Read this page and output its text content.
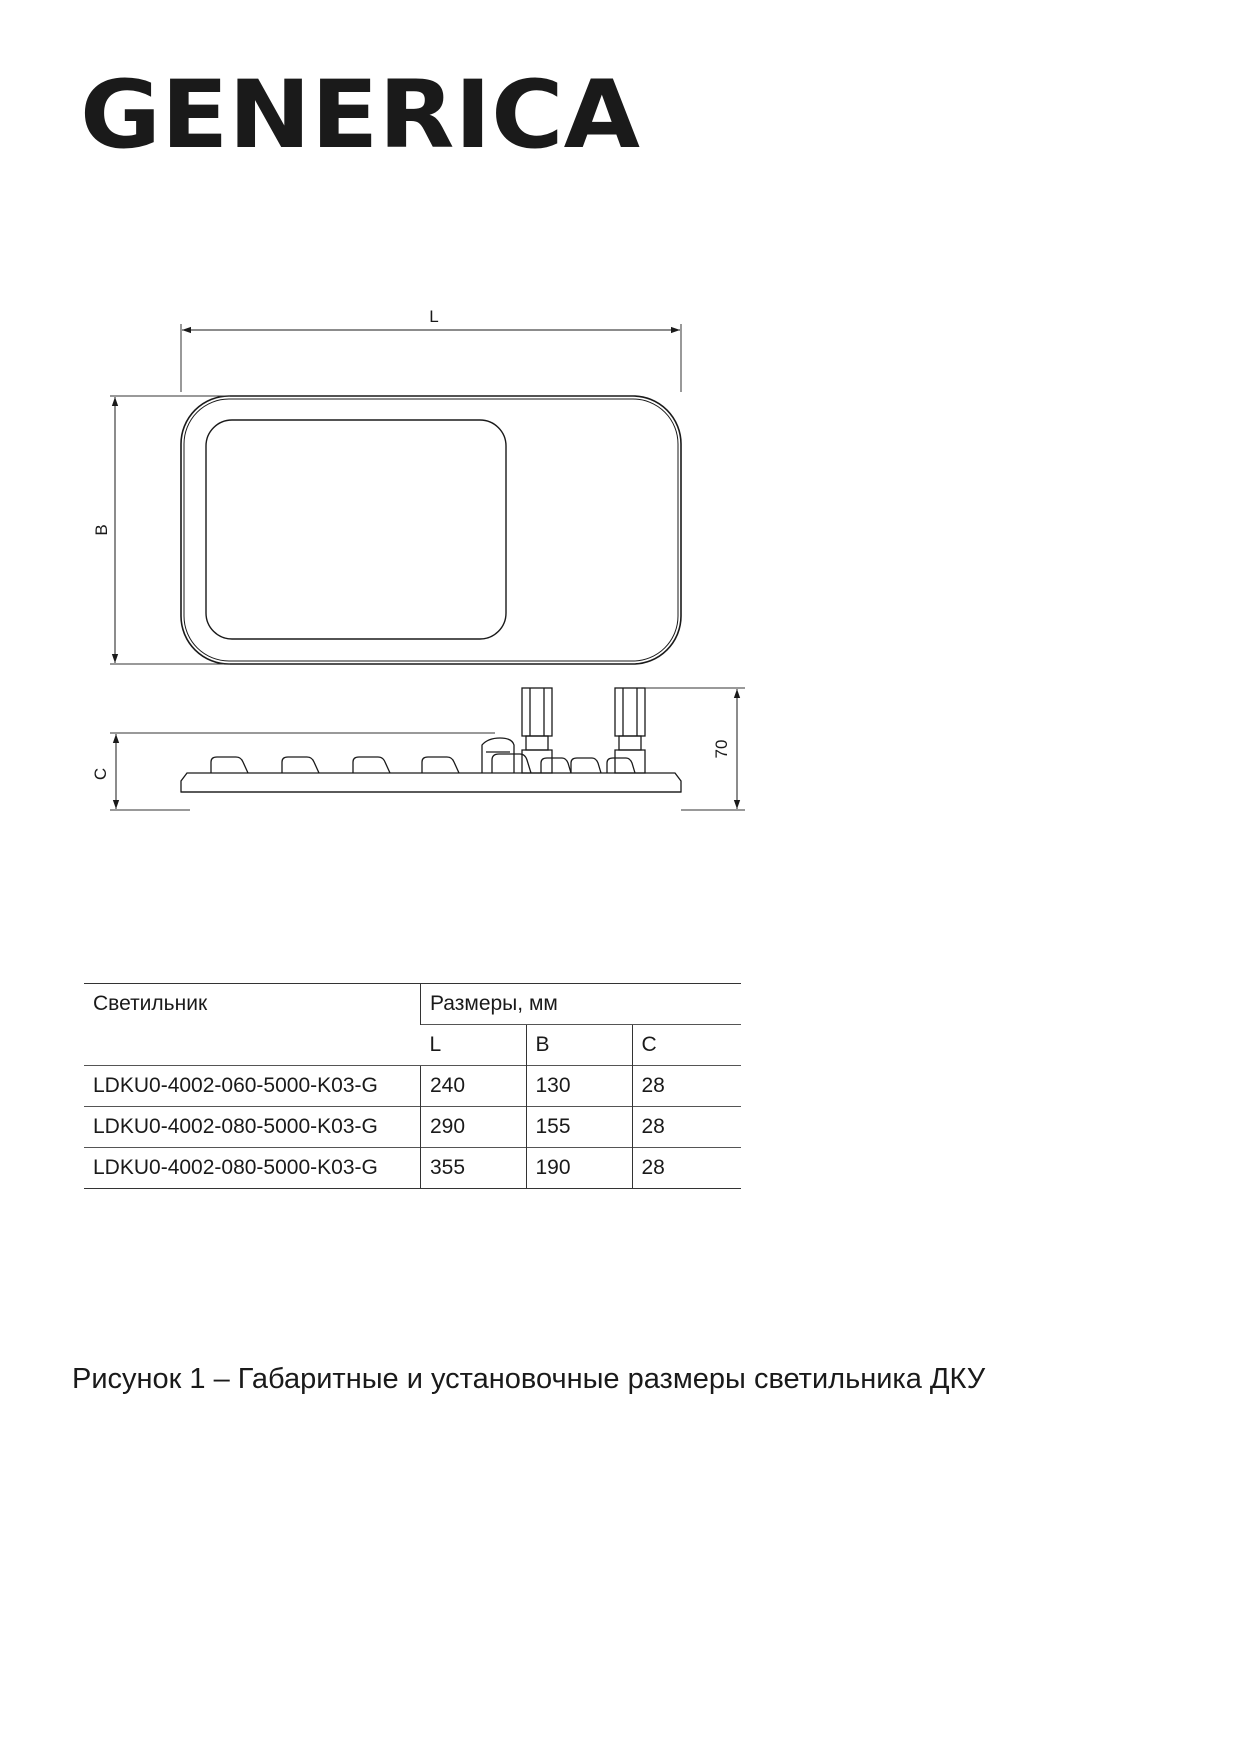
GENERICA
L
B
C
70
Светильник	Размеры, мм		
	L	B	C
LDKU0-4002-060-5000-K03-G	240	130	28
LDKU0-4002-080-5000-K03-G	290	155	28
LDKU0-4002-080-5000-K03-G	355	190	28
Рисунок 1 – Габаритные и установочные размеры светильника ДКУ
